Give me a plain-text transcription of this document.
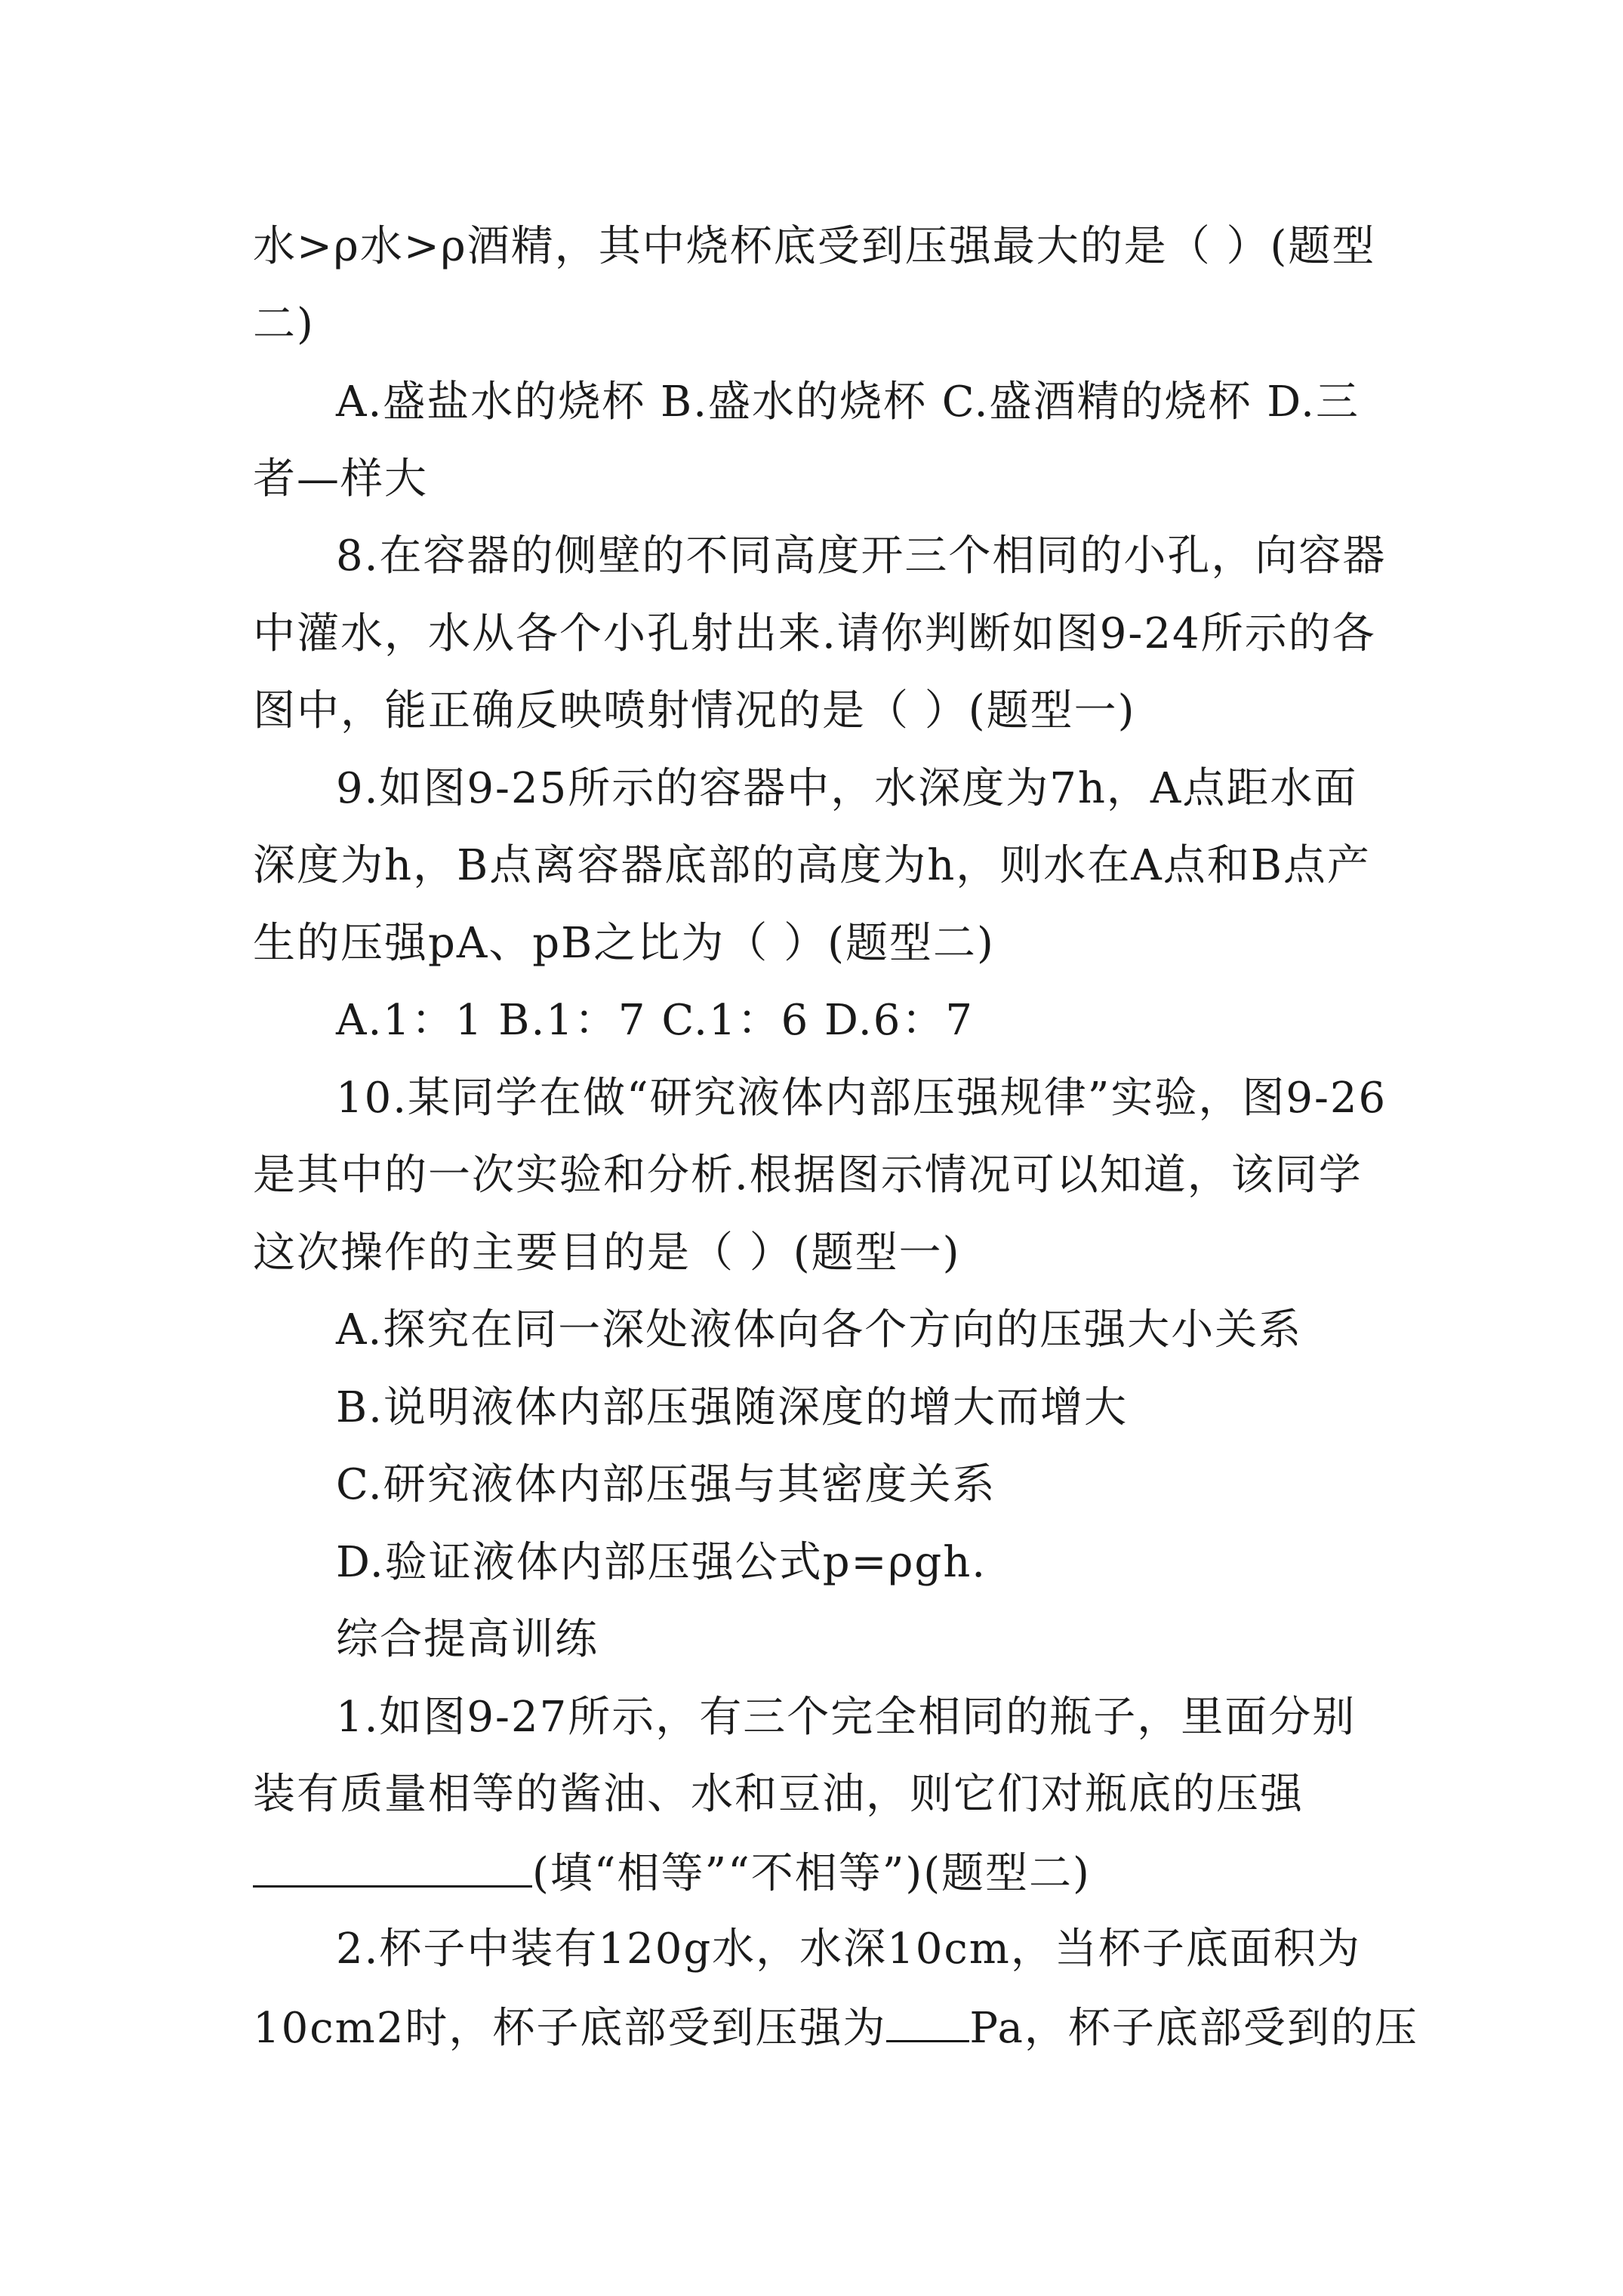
水>ρ水>ρ酒精，其中烧杯底受到压强最大的是（ ）(题型
二)
A.盛盐水的烧杯 B.盛水的烧杯 C.盛酒精的烧杯 D.三
者—样大
8.在容器的侧壁的不同高度开三个相同的小孔，向容器
中灌水，水从各个小孔射出来.请你判断如图9-24所示的各
图中，能正确反映喷射情况的是（ ）(题型一)
9.如图9-25所示的容器中，水深度为7h，A点距水面
深度为h，B点离容器底部的高度为h，则水在A点和B点产
生的压强pA、pB之比为（ ）(题型二)
A.1：1 B.1：7 C.1：6 D.6：7
10.某同学在做“研究液体内部压强规律”实验，图9-26
是其中的一次实验和分析.根据图示情况可以知道，该同学
这次操作的主要目的是（ ）(题型一)
A.探究在同一深处液体向各个方向的压强大小关系
B.说明液体内部压强随深度的增大而增大
C.研究液体内部压强与其密度关系
D.验证液体内部压强公式p=ρgh.
综合提高训练
1.如图9-27所示，有三个完全相同的瓶子，里面分别
装有质量相等的酱油、水和豆油，则它们对瓶底的压强
(填“相等”“不相等”)(题型二)
2.杯子中装有120g水，水深10cm，当杯子底面积为
10cm2时，杯子底部受到压强为 Pa，杯子底部受到的压
